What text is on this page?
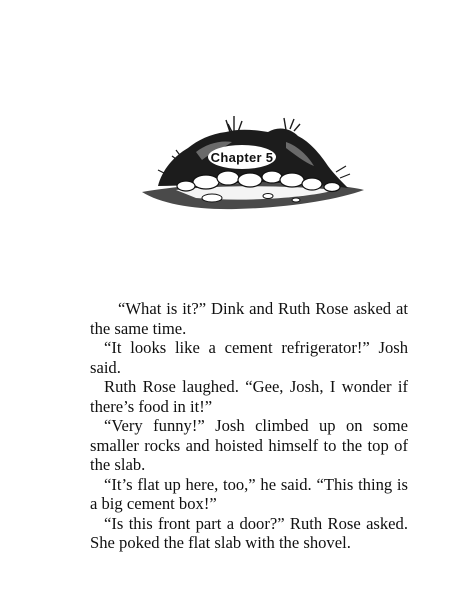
Chapter 5

“What is it?” Dink and Ruth Rose asked at the same time.

“It looks like a cement refrigerator!” Josh said.

Ruth Rose laughed. “Gee, Josh, I wonder if there’s food in it!”

“Very funny!” Josh climbed up on some smaller rocks and hoisted himself to the top of the slab.

“It’s flat up here, too,” he said. “This thing is a big cement box!”

“Is this front part a door?” Ruth Rose asked. She poked the flat slab with the shovel.
